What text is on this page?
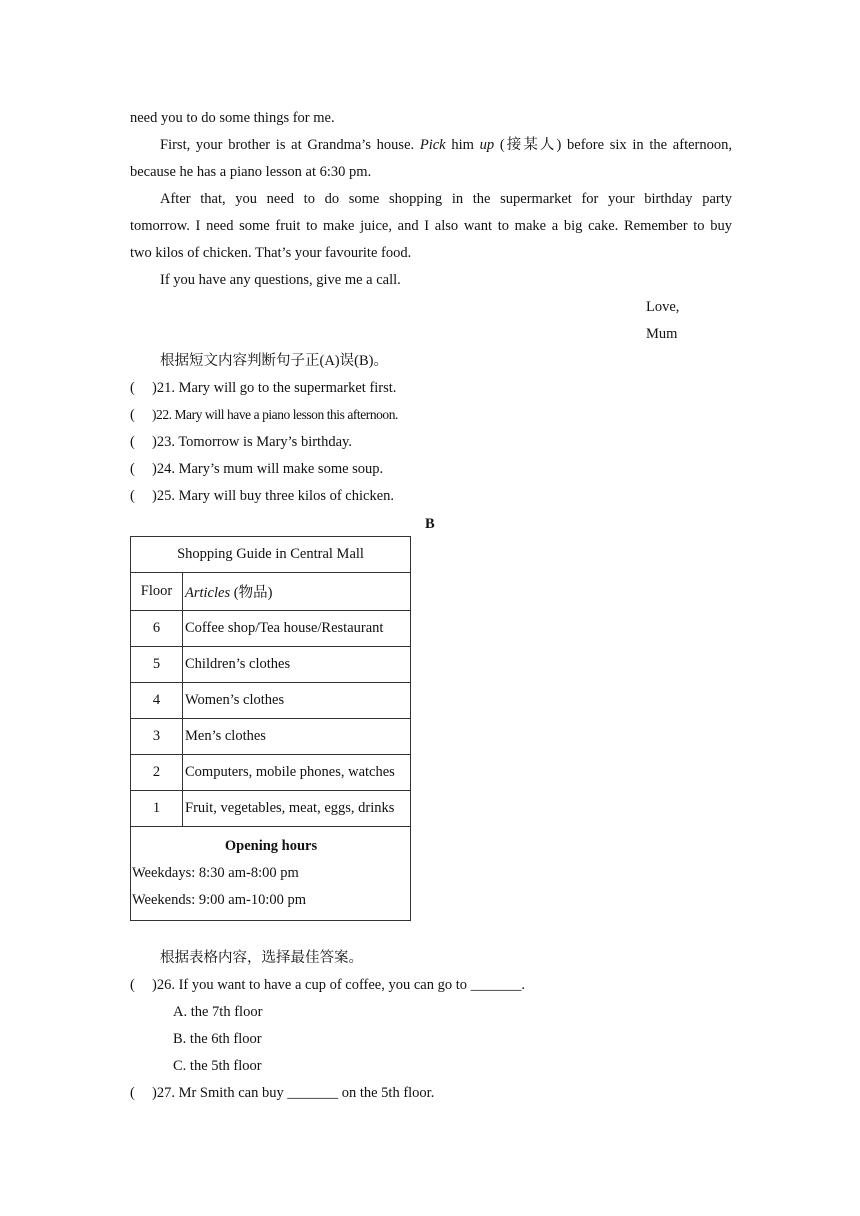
need you to do some things for me.
First, your brother is at Grandma’s house. Pick him up (接某人) before six in the afternoon,
because he has a piano lesson at 6:30 pm.
After that, you need to do some shopping in the supermarket for your birthday party
tomorrow. I need some fruit to make juice, and I also want to make a big cake. Remember to buy
two kilos of chicken. That’s your favourite food.
If you have any questions, give me a call.
Love,
Mum
根据短文内容判断句子正(A)误(B)。
( )21. Mary will go to the supermarket first.
( )22. Mary will have a piano lesson this afternoon.
( )23. Tomorrow is Mary’s birthday.
( )24. Mary’s mum will make some soup.
( )25. Mary will buy three kilos of chicken.
B
Shopping Guide in Central Mall	
Floor	Articles (物品)
6	Coffee shop/Tea house/Restaurant
5	Children’s clothes
4	Women’s clothes
3	Men’s clothes
2	Computers, mobile phones, watches
1	Fruit, vegetables, meat, eggs, drinks

Opening hours
Weekdays: 8:30 am-8:00 pm
Weekends: 9:00 am-10:00 pm	
根据表格内容，选择最佳答案。
( )26. If you want to have a cup of coffee, you can go to _______.
A. the 7th floor
B. the 6th floor
C. the 5th floor
( )27. Mr Smith can buy _______ on the 5th floor.
